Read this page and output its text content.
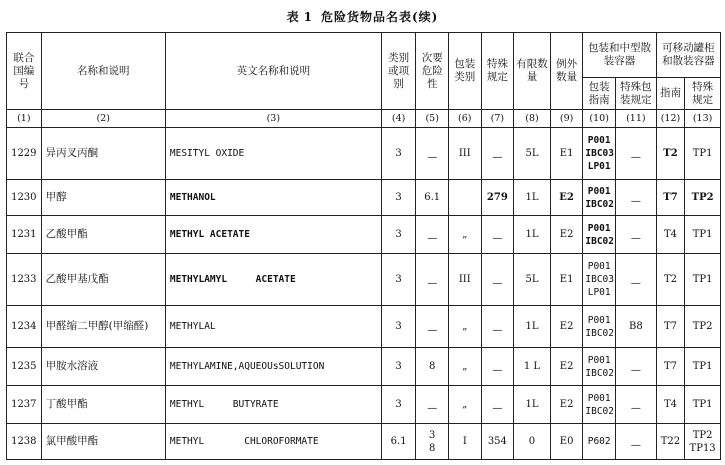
表 1 危险货物品名表(续)
联合国编号	名称和说明	英文名称和说明	类别或项别	次要危险性	包装类别	特殊规定	有限数量	例外数量	包装和中型散装容器		可移动罐柜和散装容器	
									包装指南	特殊包装规定	指南	特殊规定
(1)	(2)	(3)	(4)	(5)	(6)	(7)	(8)	(9)	(10)	(11)	(12)	(13)
1229	异丙叉丙酮	MESITYL OXIDE	3	—	III	—	5L	E1	P001
IBC03
LP01	—	T2	TP1

1230	甲醇	METHANOL	3	6.1		279	1L	E2	P001
IBC02	—	T7	TP2

1231	乙酸甲酯	METHYL ACETATE	3	—	„	—	1L	E2	P001
IBC02	—	T4	TP1

1233	乙酸甲基戊酯	METHYLAMYL     ACETATE	3	—	III	—	5L	E1	P001
IBC03
LP01	—	T2	TP1

1234	甲醛缩二甲醇(甲缩醛)	METHYLAL	3	—	„	—	1L	E2	P001
IBC02	B8	T7	TP2

1235	甲胺水溶液	METHYLAMINE,AQUEOUsSOLUTION	3	8	„	—	1 L	E2	P001
IBC02	—	T7	TP1

1237	丁酸甲酯	METHYL     BUTYRATE	3	—	„	—	1L	E2	P001
IBC02	—	T4	TP1

1238	氯甲酸甲酯	METHYL       CHLOROFORMATE	6.1	3
8	I	354	0	E0	P602	—	T22	TP2
TP13
